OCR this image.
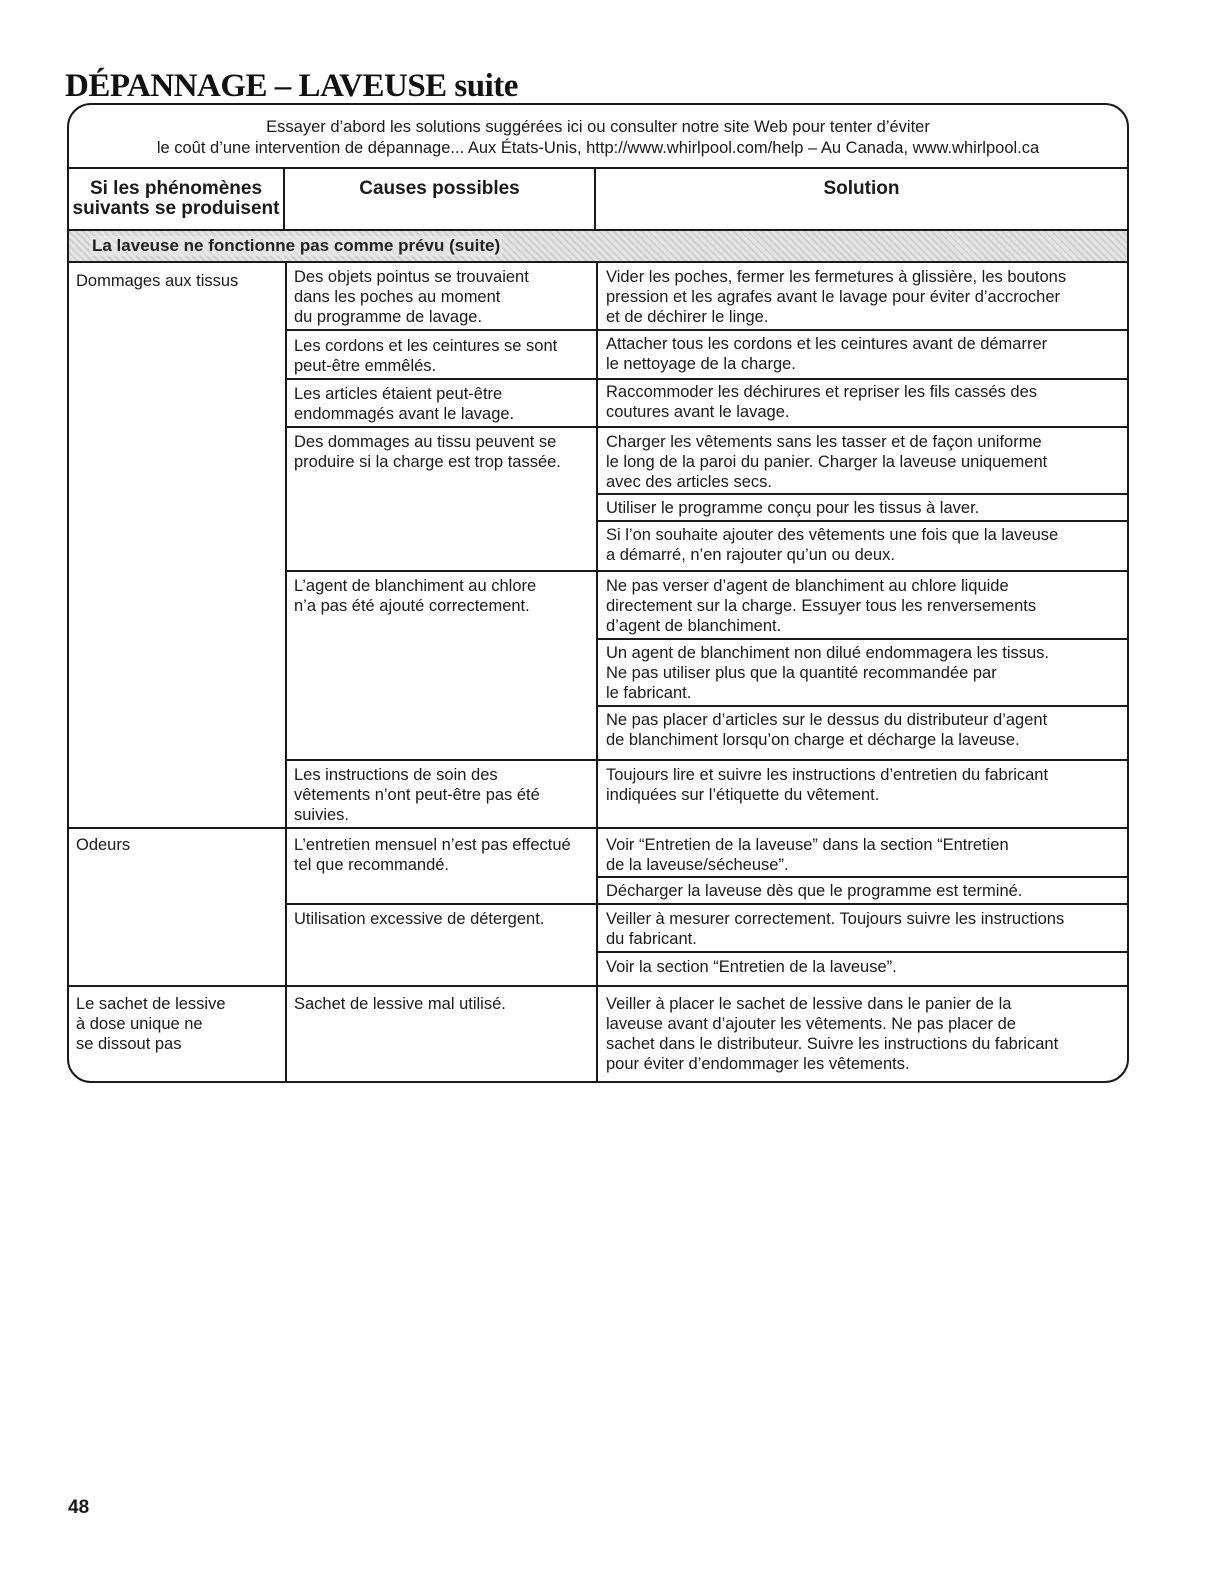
DÉPANNAGE – LAVEUSE suite
Essayer d’abord les solutions suggérées ici ou consulter notre site Web pour tenter d’éviter
le coût d’une intervention de dépannage... Aux États-Unis, http://www.whirlpool.com/help – Au Canada, www.whirlpool.ca
Si les phénomènes
suivants se produisent
Causes possibles	Solution
La laveuse ne fonctionne pas comme prévu (suite)
Dommages aux tissus
Odeurs
Le sachet de lessive
à dose unique ne
se dissout pas
Des objets pointus se trouvaient
dans les poches au moment
du programme de lavage.
Les cordons et les ceintures se sont
peut-être emmêlés.
Les articles étaient peut-être
endommagés avant le lavage.
Des dommages au tissu peuvent se
produire si la charge est trop tassée.
L’agent de blanchiment au chlore
n’a pas été ajouté correctement.
Les instructions de soin des
vêtements n’ont peut-être pas été
suivies.
L’entretien mensuel n’est pas effectué
tel que recommandé.
Utilisation excessive de détergent.
Sachet de lessive mal utilisé.
Vider les poches, fermer les fermetures à glissière, les boutons
pression et les agrafes avant le lavage pour éviter d’accrocher
et de déchirer le linge.
Attacher tous les cordons et les ceintures avant de démarrer
le nettoyage de la charge.
Raccommoder les déchirures et repriser les fils cassés des
coutures avant le lavage.
Charger les vêtements sans les tasser et de façon uniforme
le long de la paroi du panier. Charger la laveuse uniquement
avec des articles secs.
Utiliser le programme conçu pour les tissus à laver.
Si l’on souhaite ajouter des vêtements une fois que la laveuse
a démarré, n’en rajouter qu’un ou deux.
Ne pas verser d’agent de blanchiment au chlore liquide
directement sur la charge. Essuyer tous les renversements
d’agent de blanchiment.
Un agent de blanchiment non dilué endommagera les tissus.
Ne pas utiliser plus que la quantité recommandée par
le fabricant.
Ne pas placer d’articles sur le dessus du distributeur d’agent
de blanchiment lorsqu’on charge et décharge la laveuse.
Toujours lire et suivre les instructions d’entretien du fabricant
indiquées sur l’étiquette du vêtement.
Voir “Entretien de la laveuse” dans la section “Entretien
de la laveuse/sécheuse”.
Décharger la laveuse dès que le programme est terminé.
Veiller à mesurer correctement. Toujours suivre les instructions
du fabricant.
Voir la section “Entretien de la laveuse”.
Veiller à placer le sachet de lessive dans le panier de la
laveuse avant d’ajouter les vêtements. Ne pas placer de
sachet dans le distributeur. Suivre les instructions du fabricant
pour éviter d’endommager les vêtements.
48
